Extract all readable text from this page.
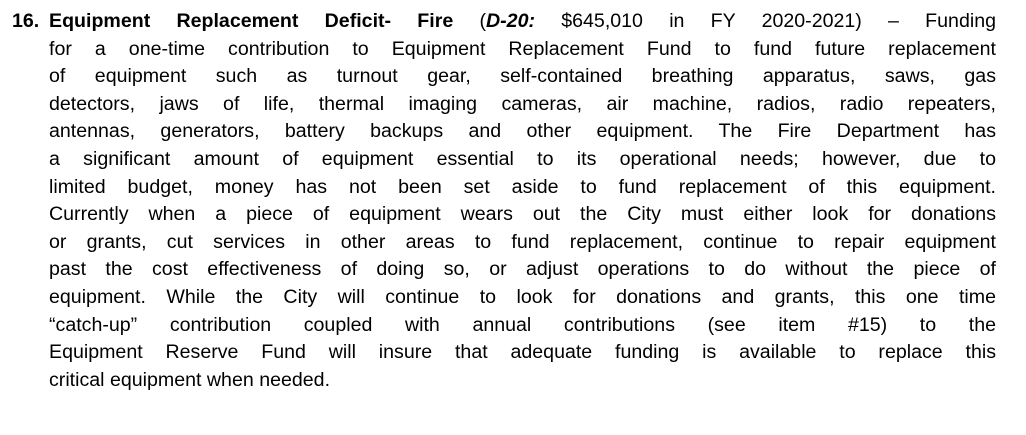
16. Equipment Replacement Deficit- Fire (D-20: $645,010 in FY 2020-2021) – Funding
for a one-time contribution to Equipment Replacement Fund to fund future replacement
of equipment such as turnout gear, self-contained breathing apparatus, saws, gas
detectors, jaws of life, thermal imaging cameras, air machine, radios, radio repeaters,
antennas, generators, battery backups and other equipment. The Fire Department has
a significant amount of equipment essential to its operational needs; however, due to
limited budget, money has not been set aside to fund replacement of this equipment.
Currently when a piece of equipment wears out the City must either look for donations
or grants, cut services in other areas to fund replacement, continue to repair equipment
past the cost effectiveness of doing so, or adjust operations to do without the piece of
equipment. While the City will continue to look for donations and grants, this one time
“catch-up” contribution coupled with annual contributions (see item #15) to the
Equipment Reserve Fund will insure that adequate funding is available to replace this
critical equipment when needed.
